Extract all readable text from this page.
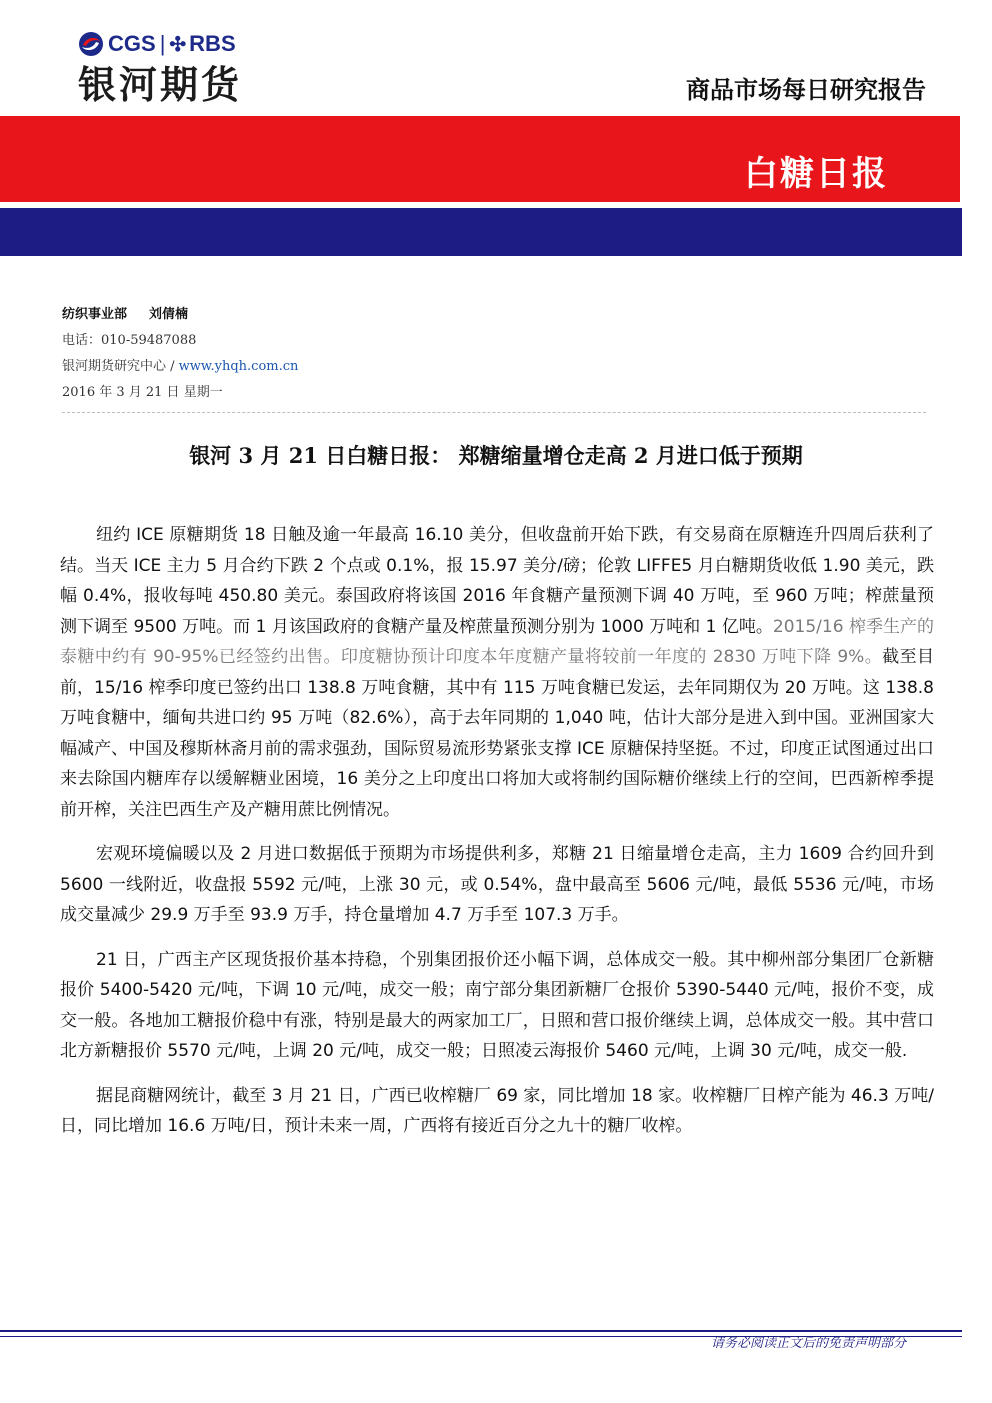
CGS | ✣ RBS
银河期货	商品市场每日研究报告
白糖日报
纺织事业部 刘倩楠
电话：010-59487088
银河期货研究中心 / www.yhqh.com.cn
2016 年 3 月 21 日 星期一
银河 3 月 21 日白糖日报： 郑糖缩量增仓走高 2 月进口低于预期

纽约 ICE 原糖期货 18 日触及逾一年最高 16.10 美分，但收盘前开始下跌，有交易商在原糖连升四周后获利了结。当天 ICE 主力 5 月合约下跌 2 个点或 0.1%，报 15.97 美分/磅；伦敦 LIFFE5 月白糖期货收低 1.90 美元，跌幅 0.4%，报收每吨 450.80 美元。泰国政府将该国 2016 年食糖产量预测下调 40 万吨，至 960 万吨；榨蔗量预测下调至 9500 万吨。而 1 月该国政府的食糖产量及榨蔗量预测分别为 1000 万吨和 1 亿吨。2015/16 榨季生产的泰糖中约有 90-95%已经签约出售。印度糖协预计印度本年度糖产量将较前一年度的 2830 万吨下降 9%。截至目前，15/16 榨季印度已签约出口 138.8 万吨食糖，其中有 115 万吨食糖已发运，去年同期仅为 20 万吨。这 138.8 万吨食糖中，缅甸共进口约 95 万吨（82.6%），高于去年同期的 1,040 吨，估计大部分是进入到中国。亚洲国家大幅减产、中国及穆斯林斋月前的需求强劲，国际贸易流形势紧张支撑 ICE 原糖保持坚挺。不过，印度正试图通过出口来去除国内糖库存以缓解糖业困境，16 美分之上印度出口将加大或将制约国际糖价继续上行的空间，巴西新榨季提前开榨，关注巴西生产及产糖用蔗比例情况。

宏观环境偏暖以及 2 月进口数据低于预期为市场提供利多，郑糖 21 日缩量增仓走高，主力 1609 合约回升到 5600 一线附近，收盘报 5592 元/吨，上涨 30 元，或 0.54%，盘中最高至 5606 元/吨，最低 5536 元/吨，市场成交量减少 29.9 万手至 93.9 万手，持仓量增加 4.7 万手至 107.3 万手。

21 日，广西主产区现货报价基本持稳，个别集团报价还小幅下调，总体成交一般。其中柳州部分集团厂仓新糖报价 5400-5420 元/吨，下调 10 元/吨，成交一般；南宁部分集团新糖厂仓报价 5390-5440 元/吨，报价不变，成交一般。各地加工糖报价稳中有涨，特别是最大的两家加工厂，日照和营口报价继续上调，总体成交一般。其中营口北方新糖报价 5570 元/吨，上调 20 元/吨，成交一般；日照凌云海报价 5460 元/吨，上调 30 元/吨，成交一般.

据昆商糖网统计，截至 3 月 21 日，广西已收榨糖厂 69 家，同比增加 18 家。收榨糖厂日榨产能为 46.3 万吨/日，同比增加 16.6 万吨/日，预计未来一周，广西将有接近百分之九十的糖厂收榨。

请务必阅读正文后的免责声明部分
